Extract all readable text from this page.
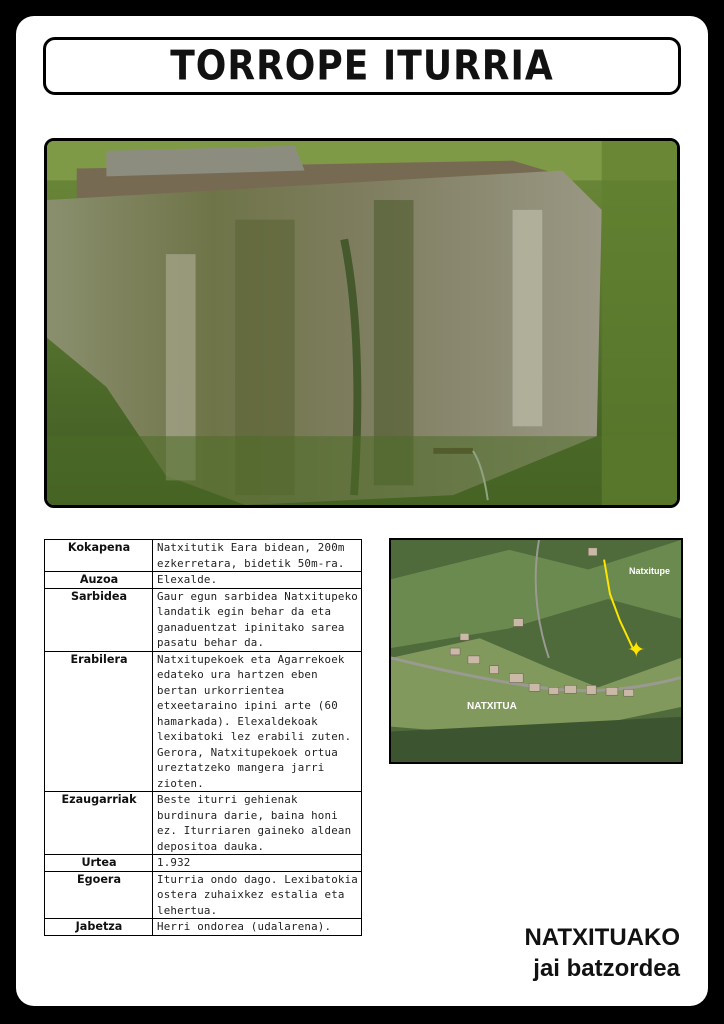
TORROPE ITURRIA
Kokapena	Natxitutik Eara bidean, 200m ezkerretara, bidetik 50m-ra.
Auzoa	Elexalde.
Sarbidea	Gaur egun sarbidea Natxitupeko landatik egin behar da eta ganaduentzat ipinitako sarea pasatu behar da.
Erabilera	Natxitupekoek eta Agarrekoek edateko ura hartzen eben bertan urkorrientea etxeetaraino ipini arte (60 hamarkada). Elexaldekoak lexibatoki lez erabili zuten. Gerora, Natxitupekoek ortua ureztatzeko mangera jarri zioten.
Ezaugarriak	Beste iturri gehienak burdinura darie, baina honi ez. Iturriaren gaineko aldean depositoa dauka.
Urtea	1.932
Egoera	Iturria ondo dago. Lexibatokia ostera zuhaixkez estalia eta lehertua.
Jabetza	Herri ondorea (udalarena).
Natxitupe
NATXITUA
✦
NATXITUAKO
jai batzordea
